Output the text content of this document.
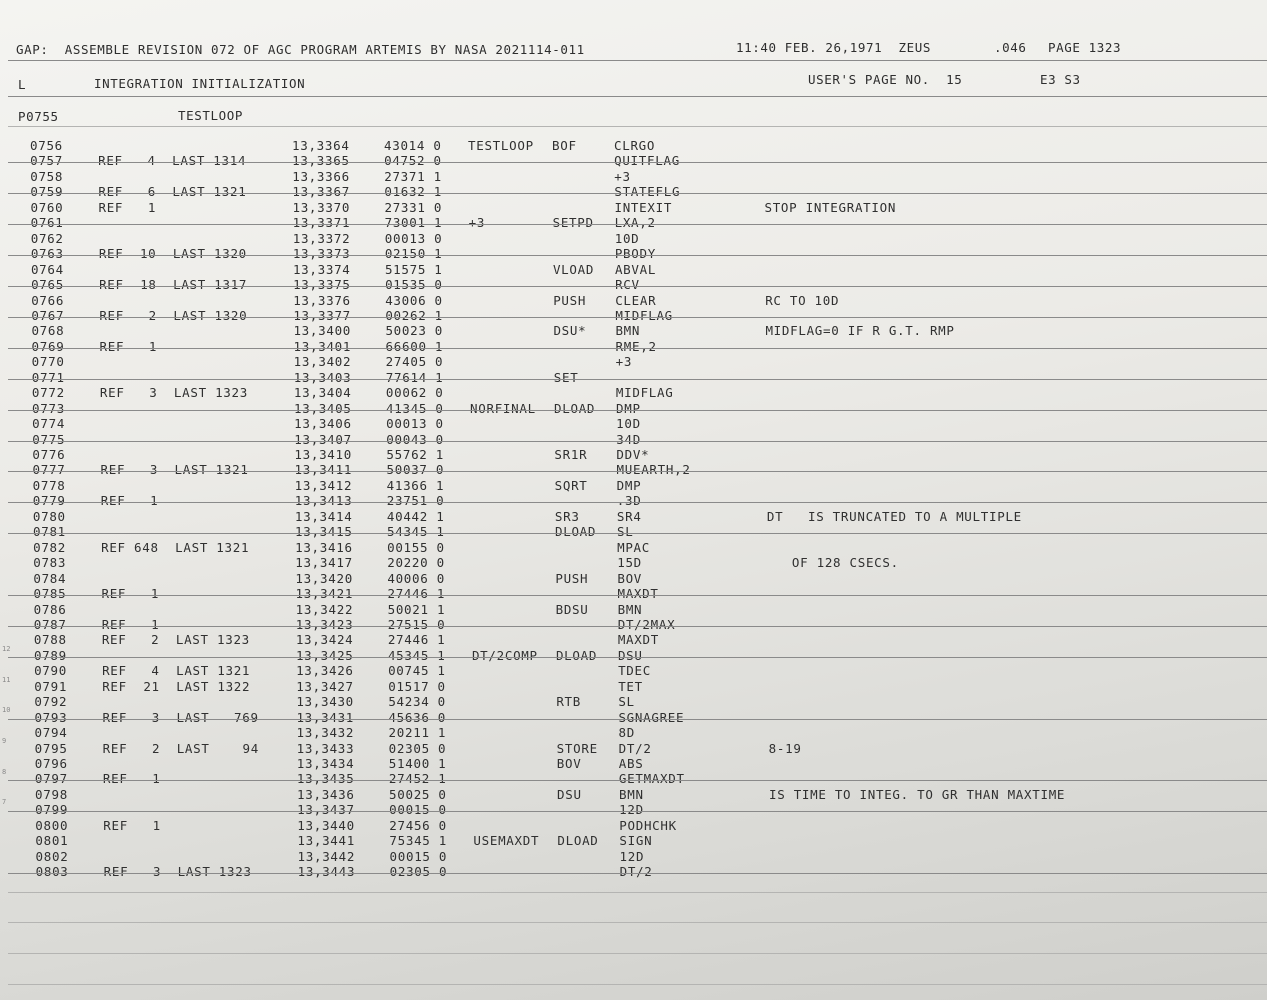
GAP:  ASSEMBLE REVISION 072 OF AGC PROGRAM ARTEMIS BY NASA 2021114-011	11:40 FEB. 26,1971  ZEUS	.046 PAGE 1323
L	INTEGRATION INITIALIZATION	USER'S PAGE NO.  15	E3 S3
P0755	TESTLOOP
0756	13,3364	43014 0 TESTLOOP BOF	CLRGO
0757	REF   4  LAST 1314	13,3365	04752 0	QUITFLAG
0758	13,3366	27371 1	+3
0759	REF   6  LAST 1321	13,3367	01632 1	STATEFLG
0760	REF   1	13,3370	27331 0	INTEXIT	STOP INTEGRATION
0761	13,3371	73001 1 +3	SETPD LXA,2
0762	13,3372	00013 0	10D
0763	REF  10  LAST 1320	13,3373	02150 1	PBODY
0764	13,3374	51575 1	VLOAD ABVAL
0765	REF  18  LAST 1317	13,3375	01535 0	RCV
0766	13,3376	43006 0	PUSH CLEAR	RC TO 10D
0767	REF   2  LAST 1320	13,3377	00262 1	MIDFLAG
0768	13,3400	50023 0	DSU* BMN	MIDFLAG=0 IF R G.T. RMP
0769	REF   1	13,3401	66600 1	RME,2
0770	13,3402	27405 0	+3
0771	13,3403	77614 1	SET
0772	REF   3  LAST 1323	13,3404	00062 0	MIDFLAG
0773	13,3405	41345 0 NORFINAL DLOAD DMP
0774	13,3406	00013 0	10D
0775	13,3407	00043 0	34D
0776	13,3410	55762 1	SR1R DDV*
0777	REF   3  LAST 1321	13,3411	50037 0	MUEARTH,2
0778	13,3412	41366 1	SQRT DMP
0779	REF   1	13,3413	23751 0	.3D
0780	13,3414	40442 1	SR3	SR4	DT   IS TRUNCATED TO A MULTIPLE
0781	13,3415	54345 1	DLOAD SL
0782	REF 648  LAST 1321	13,3416	00155 0	MPAC
0783	13,3417	20220 0	15D	OF 128 CSECS.
0784	13,3420	40006 0	PUSH BOV
0785	REF   1	13,3421	27446 1	MAXDT
0786	13,3422	50021 1	BDSU BMN
0787	REF   1	13,3423	27515 0	DT/2MAX
0788	REF   2  LAST 1323	13,3424	27446 1	MAXDT
0789	13,3425	45345 1 DT/2COMP DLOAD DSU
0790	REF   4  LAST 1321	13,3426	00745 1	TDEC
0791	REF  21  LAST 1322	13,3427	01517 0	TET
0792	13,3430	54234 0	RTB	SL
0793	REF   3  LAST   769	13,3431	45636 0	SGNAGREE
0794	13,3432	20211 1	8D
0795	REF   2  LAST    94	13,3433	02305 0	STORE DT/2	8-19
0796	13,3434	51400 1	BOV	ABS
0797	REF   1	13,3435	27452 1	GETMAXDT
0798	13,3436	50025 0	DSU	BMN	IS TIME TO INTEG. TO GR THAN MAXTIME
0799	13,3437	00015 0	12D
0800	REF   1	13,3440	27456 0	PODHCHK
0801	13,3441	75345 1 USEMAXDT DLOAD SIGN
0802	13,3442	00015 0	12D
0803	REF   3  LAST 1323	13,3443	02305 0	DT/2
12
11
10
9
8
7
